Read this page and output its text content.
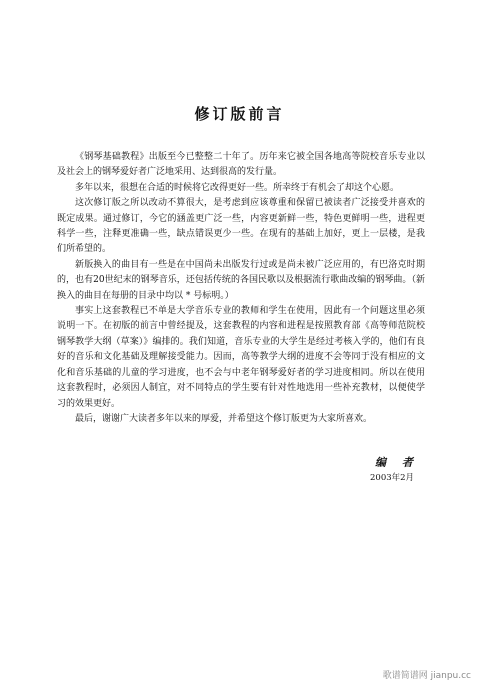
修订版前言

《钢琴基础教程》出版至今已整整二十年了。历年来它被全国各地高等院校音乐专业以及社会上的钢琴爱好者广泛地采用、达到很高的发行量。

多年以来，很想在合适的时候将它改得更好一些。所幸终于有机会了却这个心愿。

这次修订版之所以改动不算很大，是考虑到应该尊重和保留已被读者广泛接受并喜欢的既定成果。通过修订，今它的涵盖更广泛一些，内容更新鲜一些，特色更鲜明一些，进程更科学一些，注释更准确一些，缺点错误更少一些。在现有的基础上加好，更上一层楼，是我们所希望的。

新版换入的曲目有一些是在中国尚未出版发行过或是尚未被广泛应用的，有巴洛克时期的，也有20世纪末的钢琴音乐，还包括传统的各国民歌以及根据流行歌曲改编的钢琴曲。（新换入的曲目在每册的目录中均以 * 号标明。）

事实上这套教程已不单是大学音乐专业的教师和学生在使用，因此有一个问题这里必须说明一下。在初版的前言中曾经提及，这套教程的内容和进程是按照教育部《高等师范院校钢琴教学大纲（草案）》编排的。我们知道，音乐专业的大学生是经过考核入学的，他们有良好的音乐和文化基础及理解接受能力。因而，高等教学大纲的进度不会等同于没有相应的文化和音乐基础的儿童的学习进度，也不会与中老年钢琴爱好者的学习进度相同。所以在使用这套教程时，必须因人制宜，对不同特点的学生要有针对性地选用一些补充教材，以便使学习的效果更好。

最后，谢谢广大读者多年以来的厚爱，并希望这个修订版更为大家所喜欢。

编 者
2003年2月
歌谱简谱网 jianpu.cc
